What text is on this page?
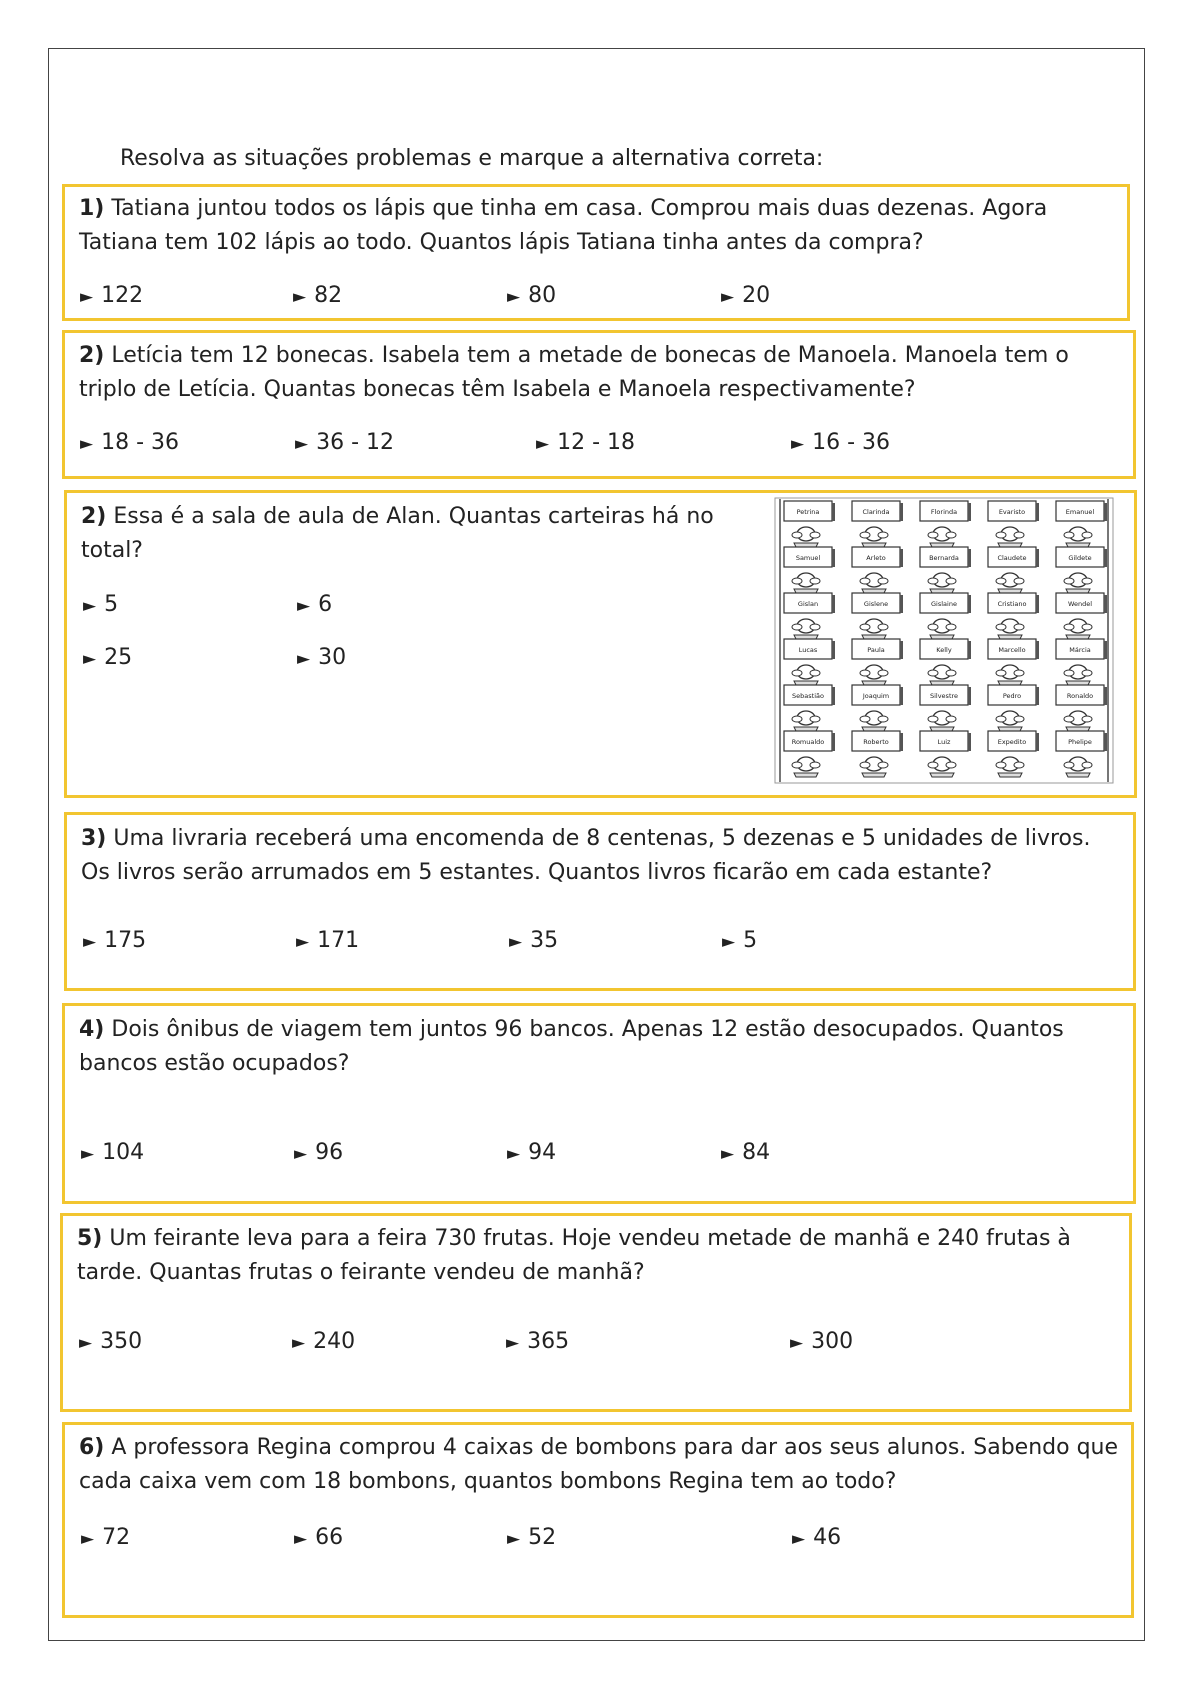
Resolva as situações problemas e marque a alternativa correta:
1) Tatiana juntou todos os lápis que tinha em casa. Comprou mais duas dezenas. Agora Tatiana tem 102 lápis ao todo. Quantos lápis Tatiana tinha antes da compra?
► 122	► 82	► 80	► 20
2) Letícia tem 12 bonecas. Isabela tem a metade de bonecas de Manoela. Manoela tem o triplo de Letícia. Quantas bonecas têm Isabela e Manoela respectivamente?
► 18 - 36	► 36 - 12	► 12 - 18	► 16 - 36
2) Essa é a sala de aula de Alan. Quantas carteiras há no total?
► 5	► 6
► 25	► 30
Petrina	Clarinda	Florinda	Evaristo	Emanuel
Samuel	Arleto	Bernarda	Claudete	Gildete
Gislan	Gislene	Gislaine	Cristiano	Wendel
Lucas	Paula	Kelly	Marcello	Márcia
Sebastião	Joaquim	Silvestre	Pedro	Ronaldo
Romualdo	Roberto	Luiz	Expedito	Phelipe
3) Uma livraria receberá uma encomenda de 8 centenas, 5 dezenas e 5 unidades de livros. Os livros serão arrumados em 5 estantes. Quantos livros ficarão em cada estante?
► 175	► 171	► 35	► 5
4) Dois ônibus de viagem tem juntos 96 bancos. Apenas 12 estão desocupados. Quantos bancos estão ocupados?
► 104	► 96	► 94	► 84
5) Um feirante leva para a feira 730 frutas. Hoje vendeu metade de manhã e 240 frutas à tarde. Quantas frutas o feirante vendeu de manhã?
► 350	► 240	► 365	► 300
6) A professora Regina comprou 4 caixas de bombons para dar aos seus alunos. Sabendo que cada caixa vem com 18 bombons, quantos bombons Regina tem ao todo?
► 72	► 66	► 52	► 46
